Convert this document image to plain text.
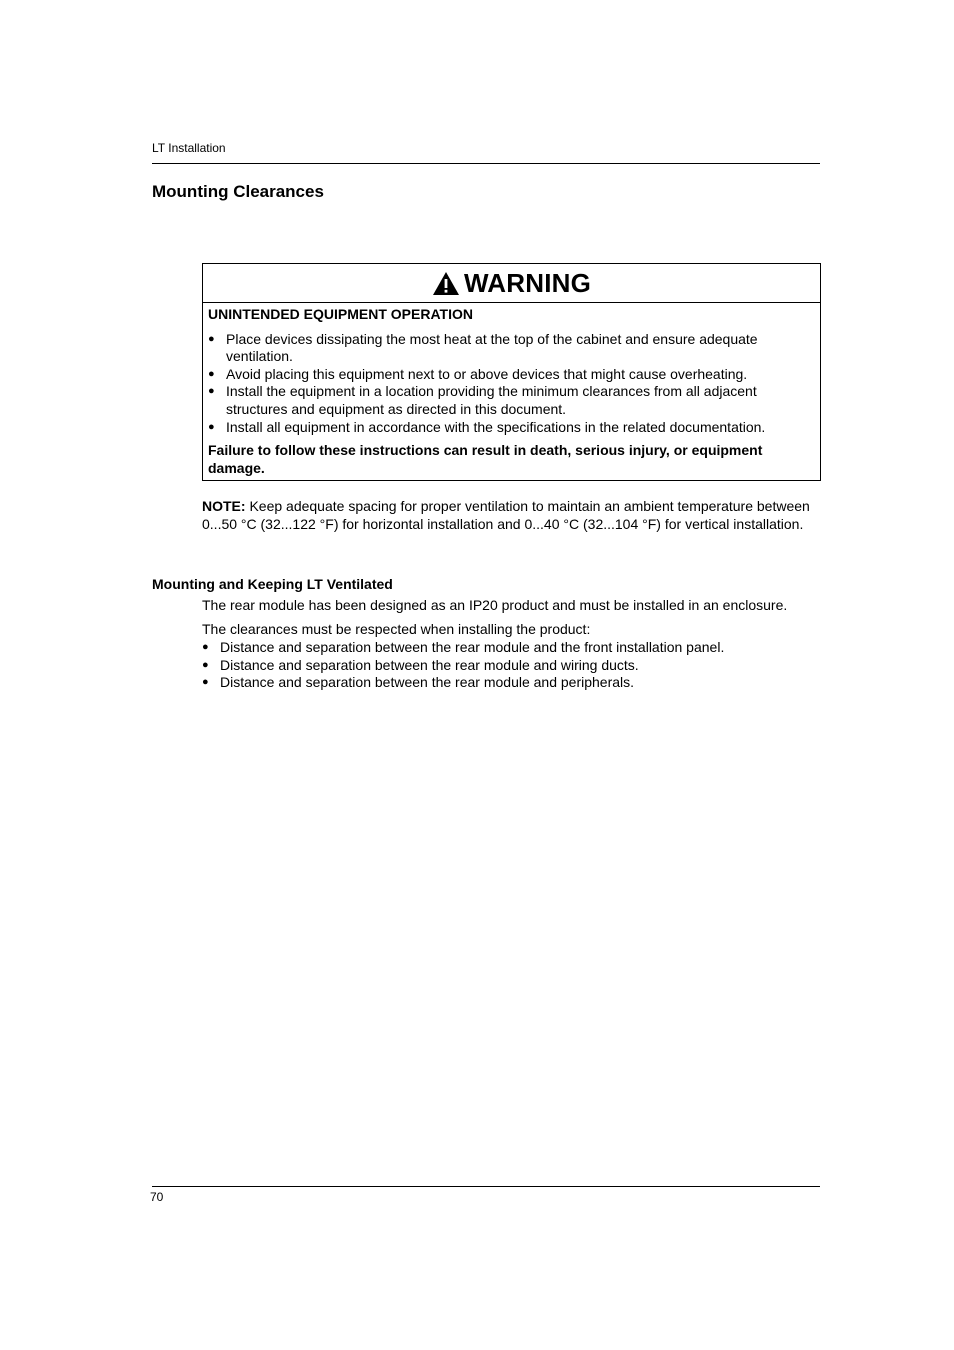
LT Installation
Mounting Clearances
WARNING
UNINTENDED EQUIPMENT OPERATION
● Place devices dissipating the most heat at the top of the cabinet and ensure adequate ventilation.
● Avoid placing this equipment next to or above devices that might cause overheating.
● Install the equipment in a location providing the minimum clearances from all adjacent structures and equipment as directed in this document.
● Install all equipment in accordance with the specifications in the related documentation.
Failure to follow these instructions can result in death, serious injury, or equipment damage.
NOTE: Keep adequate spacing for proper ventilation to maintain an ambient temperature between 0...50 °C (32...122 °F) for horizontal installation and 0...40 °C (32...104 °F) for vertical installation.
Mounting and Keeping LT Ventilated
The rear module has been designed as an IP20 product and must be installed in an enclosure.
The clearances must be respected when installing the product:
● Distance and separation between the rear module and the front installation panel.
● Distance and separation between the rear module and wiring ducts.
● Distance and separation between the rear module and peripherals.
70
